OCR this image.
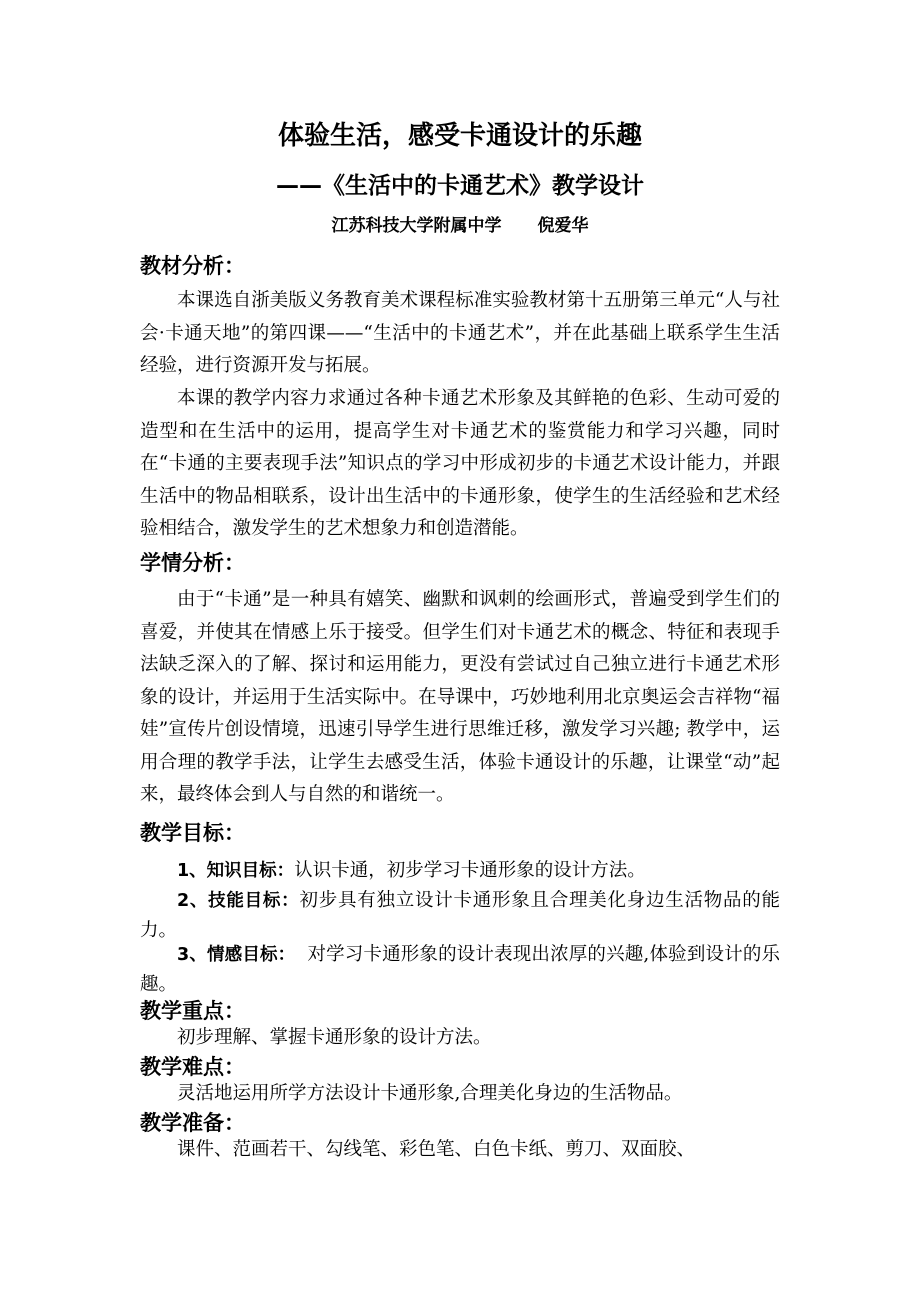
体验生活，感受卡通设计的乐趣
——《生活中的卡通艺术》教学设计
江苏科技大学附属中学 倪爱华
教材分析：
本课选自浙美版义务教育美术课程标准实验教材第十五册第三单元“人与社会·卡通天地”的第四课——“生活中的卡通艺术”，并在此基础上联系学生生活经验，进行资源开发与拓展。
本课的教学内容力求通过各种卡通艺术形象及其鲜艳的色彩、生动可爱的造型和在生活中的运用，提高学生对卡通艺术的鉴赏能力和学习兴趣，同时在“卡通的主要表现手法”知识点的学习中形成初步的卡通艺术设计能力，并跟生活中的物品相联系，设计出生活中的卡通形象，使学生的生活经验和艺术经验相结合，激发学生的艺术想象力和创造潜能。
学情分析：
由于“卡通”是一种具有嬉笑、幽默和讽刺的绘画形式，普遍受到学生们的喜爱，并使其在情感上乐于接受。但学生们对卡通艺术的概念、特征和表现手法缺乏深入的了解、探讨和运用能力，更没有尝试过自己独立进行卡通艺术形象的设计，并运用于生活实际中。在导课中，巧妙地利用北京奥运会吉祥物“福娃”宣传片创设情境，迅速引导学生进行思维迁移，激发学习兴趣; 教学中，运用合理的教学手法，让学生去感受生活，体验卡通设计的乐趣，让课堂“动”起来，最终体会到人与自然的和谐统一。
教学目标：
1、知识目标：认识卡通，初步学习卡通形象的设计方法。
2、技能目标：初步具有独立设计卡通形象且合理美化身边生活物品的能力。
3、情感目标：  对学习卡通形象的设计表现出浓厚的兴趣,体验到设计的乐趣。
教学重点：
初步理解、掌握卡通形象的设计方法。
教学难点：
灵活地运用所学方法设计卡通形象,合理美化身边的生活物品。
教学准备：
课件、范画若干、勾线笔、彩色笔、白色卡纸、剪刀、双面胶、
